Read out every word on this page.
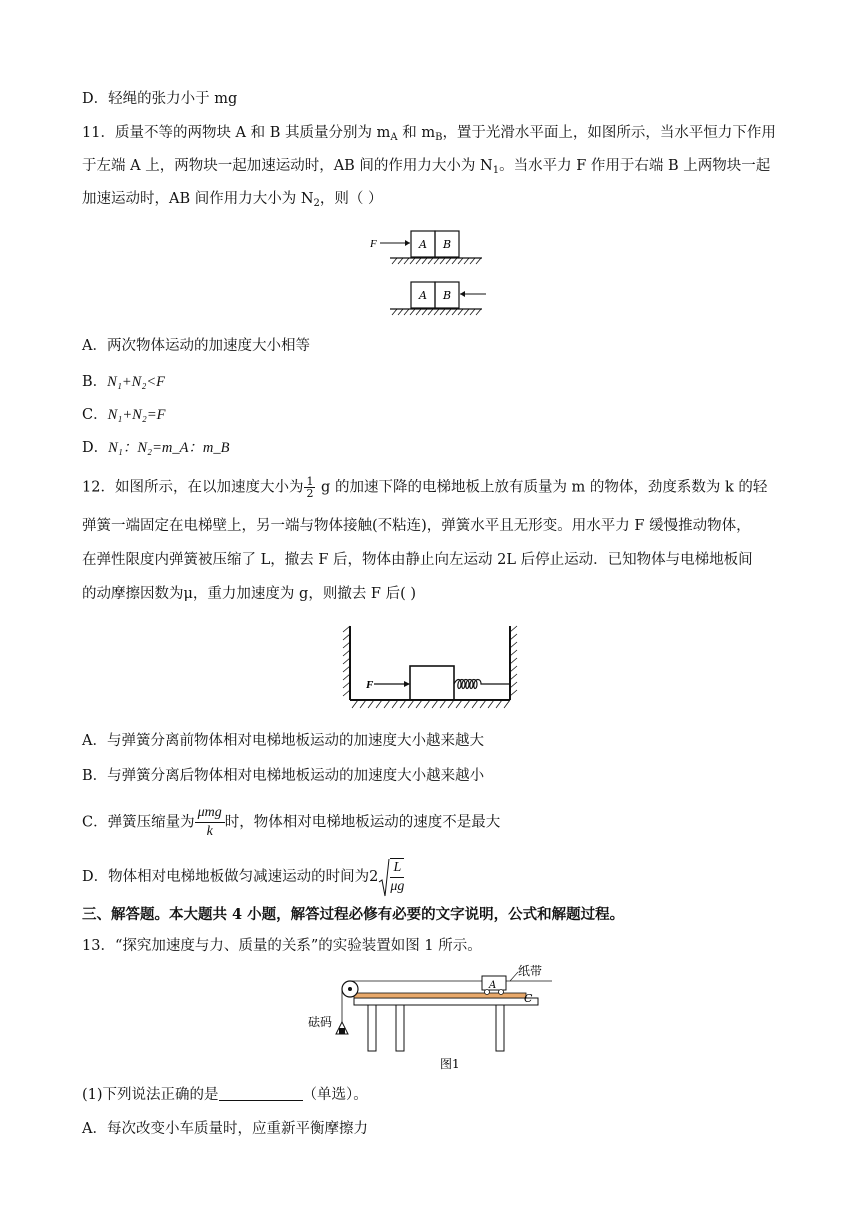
D．轻绳的张力小于 mg
11．质量不等的两物块 A 和 B 其质量分别为 $m_A$ 和 $m_B$，置于光滑水平面上，如图所示，当水平恒力下作用
于左端 A 上，两物块一起加速运动时，AB 间的作用力大小为 $N_1$。当水平力 F 作用于右端 B 上两物块一起
加速运动时，AB 间作用力大小为 $N_2$，则（ ）
F	A B
A B
A．两次物体运动的加速度大小相等
B．N₁+N₂<F
C．N₁+N₂=F
D．N₁：N₂=m_A：m_B
12．如图所示，在以加速度大小为 $\frac{1}{2}$ g 的加速下降的电梯地板上放有质量为 m 的物体，劲度系数为 k 的轻
弹簧一端固定在电梯壁上，另一端与物体接触(不粘连)，弹簧水平且无形变。用水平力 F 缓慢推动物体，
在弹性限度内弹簧被压缩了 L，撤去 F 后，物体由静止向左运动 2L 后停止运动．已知物体与电梯地板间
的动摩擦因数为μ，重力加速度为 g，则撤去 F 后( )
F
A．与弹簧分离前物体相对电梯地板运动的加速度大小越来越大
B．与弹簧分离后物体相对电梯地板运动的加速度大小越来越小
C．弹簧压缩量为
μmg
k
时，物体相对电梯地板运动的速度不是最大
D．物体相对电梯地板做匀减速运动的时间为$2 \frac{L}{\mu g}$
三、解答题。本大题共 4 小题，解答过程必修有必要的文字说明，公式和解题过程。
13．“探究加速度与力、质量的关系”的实验装置如图 1 所示。
砝码
A
纸带
C
图1
(1)下列说法正确的是	（单选）。
A．每次改变小车质量时，应重新平衡摩擦力
